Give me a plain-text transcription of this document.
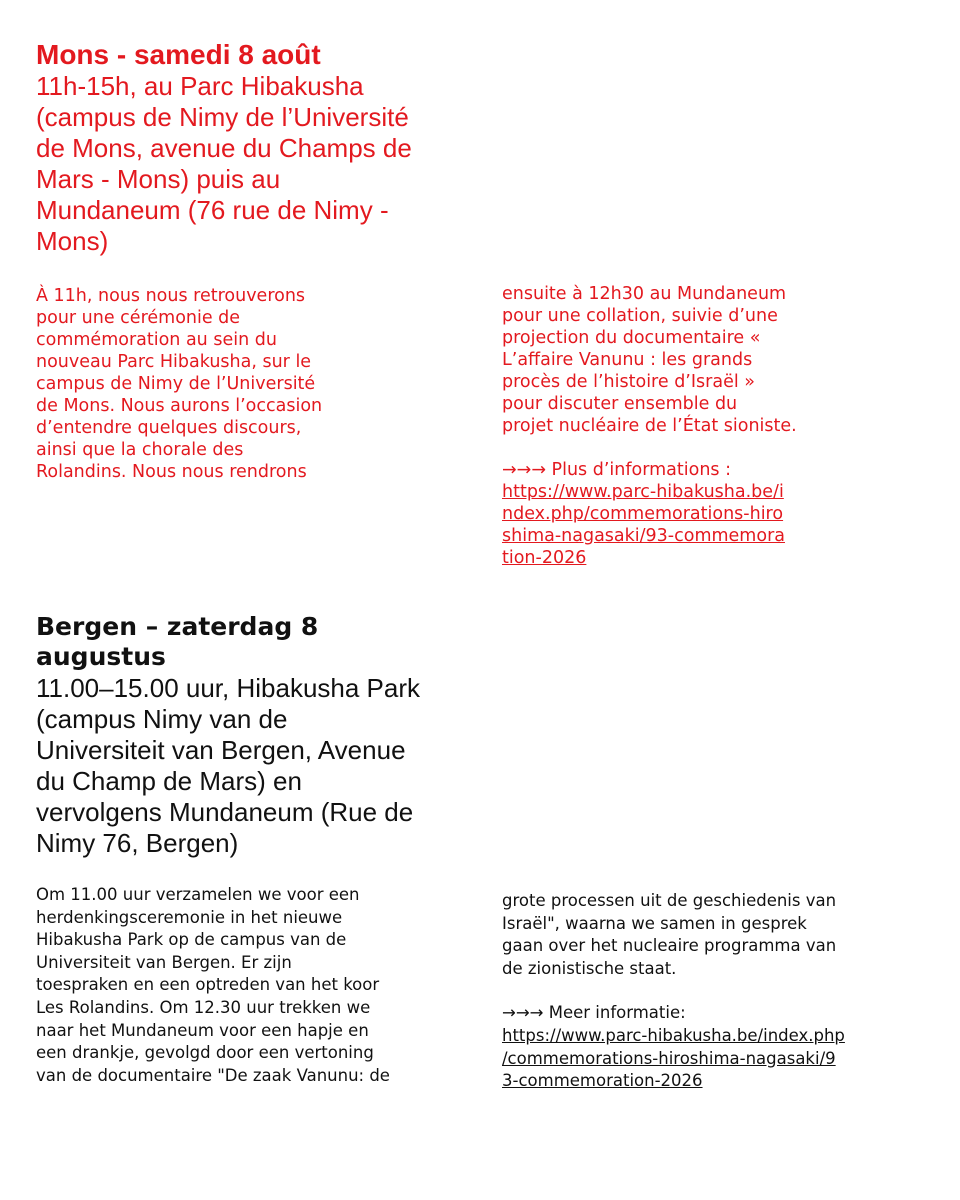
Mons - samedi 8 août
11h-15h, au Parc Hibakusha
(campus de Nimy de l’Université
de Mons, avenue du Champs de
Mars - Mons) puis au
Mundaneum (76 rue de Nimy -
Mons)

À 11h, nous nous retrouverons

pour une cérémonie de

commémoration au sein du

nouveau Parc Hibakusha, sur le

campus de Nimy de l’Université

de Mons. Nous aurons l’occasion

d’entendre quelques discours,

ainsi que la chorale des

Rolandins. Nous nous rendrons

ensuite à 12h30 au Mundaneum

pour une collation, suivie d’une

projection du documentaire «

L’affaire Vanunu : les grands

procès de l’histoire d’Israël »

pour discuter ensemble du

projet nucléaire de l’État sioniste.

→→→ Plus d’informations :

https://www.parc-hibakusha.be/i
ndex.php/commemorations-hiro
shima-nagasaki/93-commemora
tion-2026
Bergen – zaterdag 8
augustus
11.00–15.00 uur, Hibakusha Park
(campus Nimy van de
Universiteit van Bergen, Avenue
du Champ de Mars) en
vervolgens Mundaneum (Rue de
Nimy 76, Bergen)

Om 11.00 uur verzamelen we voor een

herdenkingsceremonie in het nieuwe

Hibakusha Park op de campus van de

Universiteit van Bergen. Er zijn

toespraken en een optreden van het koor

Les Rolandins. Om 12.30 uur trekken we

naar het Mundaneum voor een hapje en

een drankje, gevolgd door een vertoning

van de documentaire "De zaak Vanunu: de

grote processen uit de geschiedenis van

Israël", waarna we samen in gesprek

gaan over het nucleaire programma van

de zionistische staat.

→→→ Meer informatie:

https://www.parc-hibakusha.be/index.php
/commemorations-hiroshima-nagasaki/9
3-commemoration-2026
